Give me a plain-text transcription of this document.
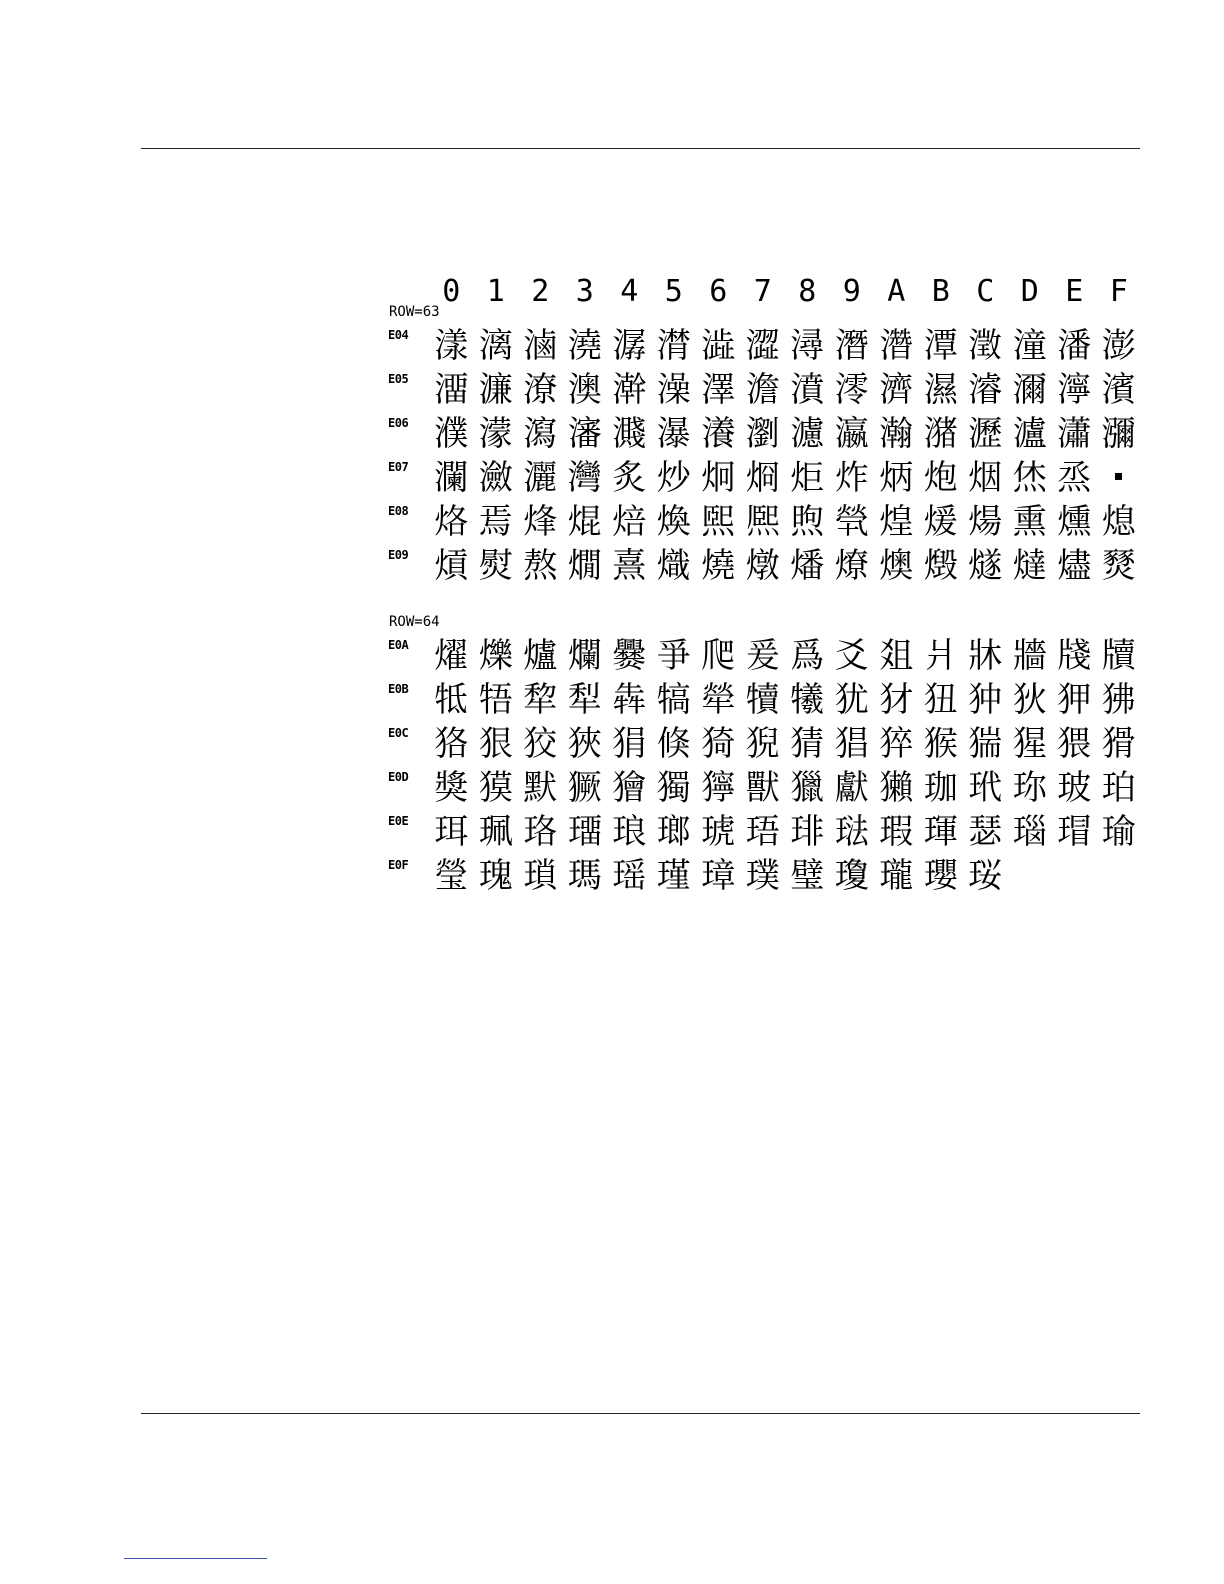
0 1 2 3 4 5 6 7 8 9 A B C D E F
ROW=63
E04 漾 漓 滷 澆 潺 潸 澁 澀 潯 潛 濳 潭 澂 潼 潘 澎
E05 澑 濂 潦 澳 澣 澡 澤 澹 濆 澪 濟 濕 濬 濔 濘 濱
E06 濮 濛 瀉 瀋 濺 瀑 瀁 瀏 濾 瀛 瀚 潴 瀝 瀘 瀟 瀰
E07 瀾 瀲 灑 灣 炙 炒 炯 烱 炬 炸 炳 炮 烟 烋 烝
E08 烙 焉 烽 焜 焙 煥 煕 熈 煦 煢 煌 煖 煬 熏 燻 熄
E09 熕 熨 熬 燗 熹 熾 燒 燉 燔 燎 燠 燬 燧 燵 燼 燹
ROW=64
E0A 燿 爍 爐 爛 爨 爭 爬 爰 爲 爻 爼 爿 牀 牆 牋 牘
E0B 牴 牾 犂 犁 犇 犒 犖 犢 犧 犹 犲 狃 狆 狄 狎 狒
E0C 狢 狠 狡 狹 狷 倏 猗 猊 猜 猖 猝 猴 猯 猩 猥 猾
E0D 獎 獏 默 獗 獪 獨 獰 獸 獵 獻 獺 珈 玳 珎 玻 珀
E0E 珥 珮 珞 璢 琅 瑯 琥 珸 琲 琺 瑕 琿 瑟 瑙 瑁 瑜
E0F 瑩 瑰 瑣 瑪 瑶 瑾 璋 璞 璧 瓊 瓏 瓔 珱
